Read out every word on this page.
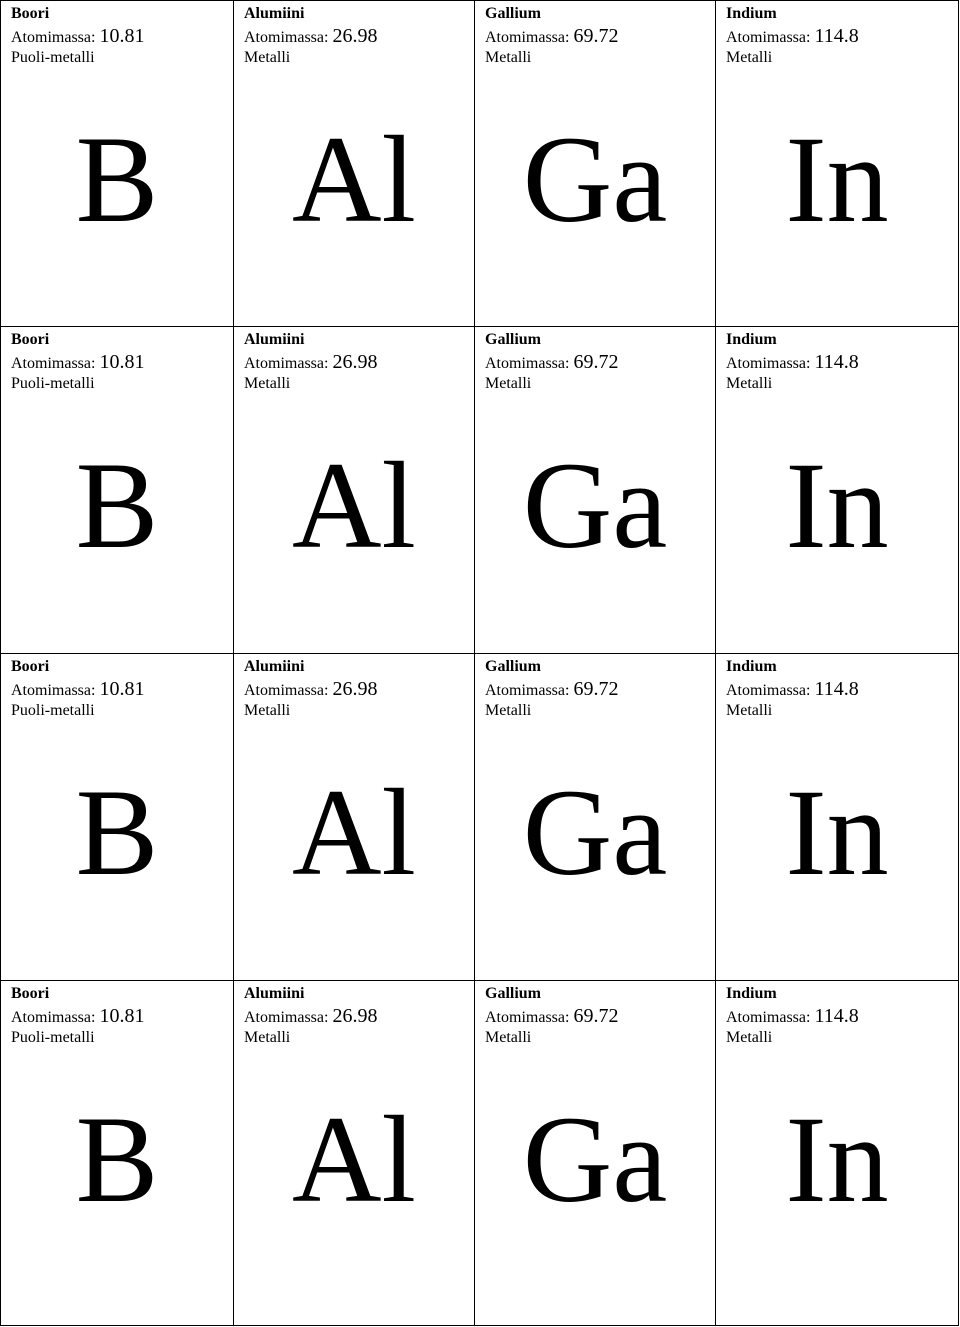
Boori
Atomimassa: 10.81
Puoli-metalli
B
Alumiini
Atomimassa: 26.98
Metalli
Al
Gallium
Atomimassa: 69.72
Metalli
Ga
Indium
Atomimassa: 114.8
Metalli
In
Boori
Atomimassa: 10.81
Puoli-metalli
B
Alumiini
Atomimassa: 26.98
Metalli
Al
Gallium
Atomimassa: 69.72
Metalli
Ga
Indium
Atomimassa: 114.8
Metalli
In
Boori
Atomimassa: 10.81
Puoli-metalli
B
Alumiini
Atomimassa: 26.98
Metalli
Al
Gallium
Atomimassa: 69.72
Metalli
Ga
Indium
Atomimassa: 114.8
Metalli
In
Boori
Atomimassa: 10.81
Puoli-metalli
B
Alumiini
Atomimassa: 26.98
Metalli
Al
Gallium
Atomimassa: 69.72
Metalli
Ga
Indium
Atomimassa: 114.8
Metalli
In
